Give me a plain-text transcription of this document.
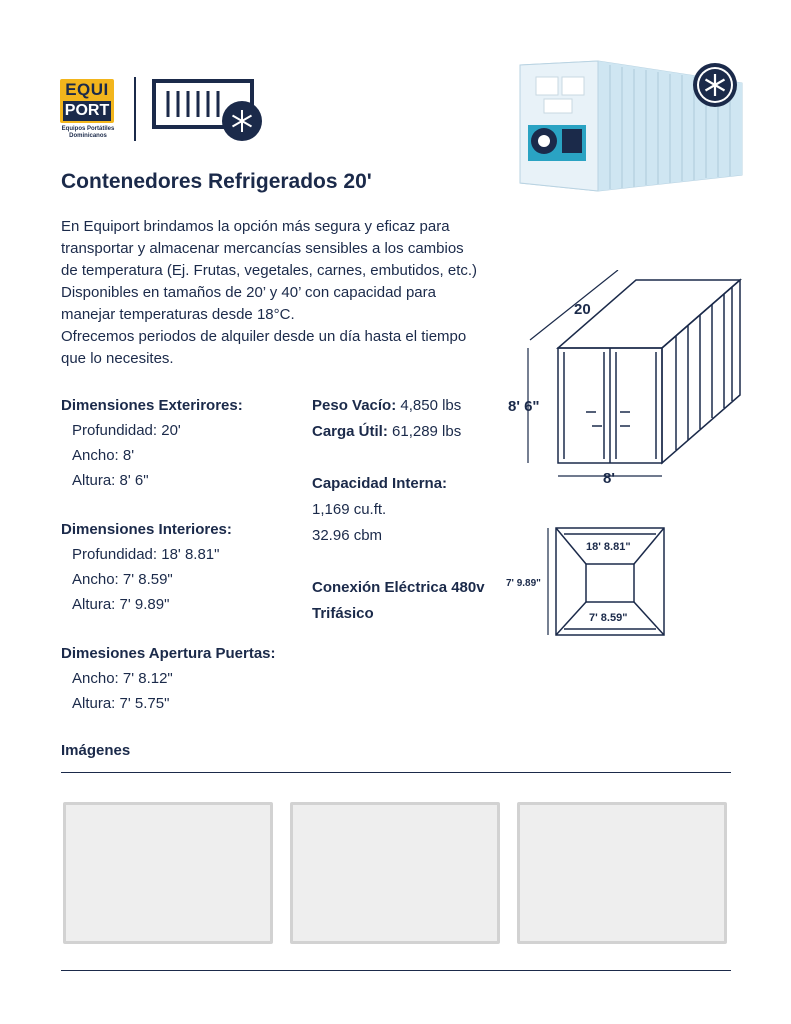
EQUI
PORT
Equipos Portátiles
Dominicanos
Contenedores Refrigerados 20'

En Equiport brindamos la opción más segura y eficaz para

transportar y almacenar mercancías sensibles a los cambios

de temperatura (Ej. Frutas, vegetales, carnes, embutidos, etc.)

Disponibles en tamaños de 20’ y 40’ con capacidad para

manejar temperaturas desde 18°C.

Ofrecemos periodos de alquiler desde un día hasta el tiempo

que lo necesites.

Dimensiones Exterirores:

Profundidad: 20'

Ancho: 8'

Altura: 8' 6"

Dimensiones Interiores:

Profundidad: 18' 8.81"

Ancho: 7' 8.59"

Altura: 7' 9.89"

Dimesiones Apertura Puertas:

Ancho: 7' 8.12"

Altura: 7' 5.75"

Peso Vacío: 4,850 lbs

Carga Útil: 61,289 lbs

Capacidad Interna:

1,169 cu.ft.

32.96 cbm

Conexión Eléctrica 480v

Trifásico

20
8' 6"
8'
18' 8.81"
7' 9.89"
7' 8.59"
Imágenes
